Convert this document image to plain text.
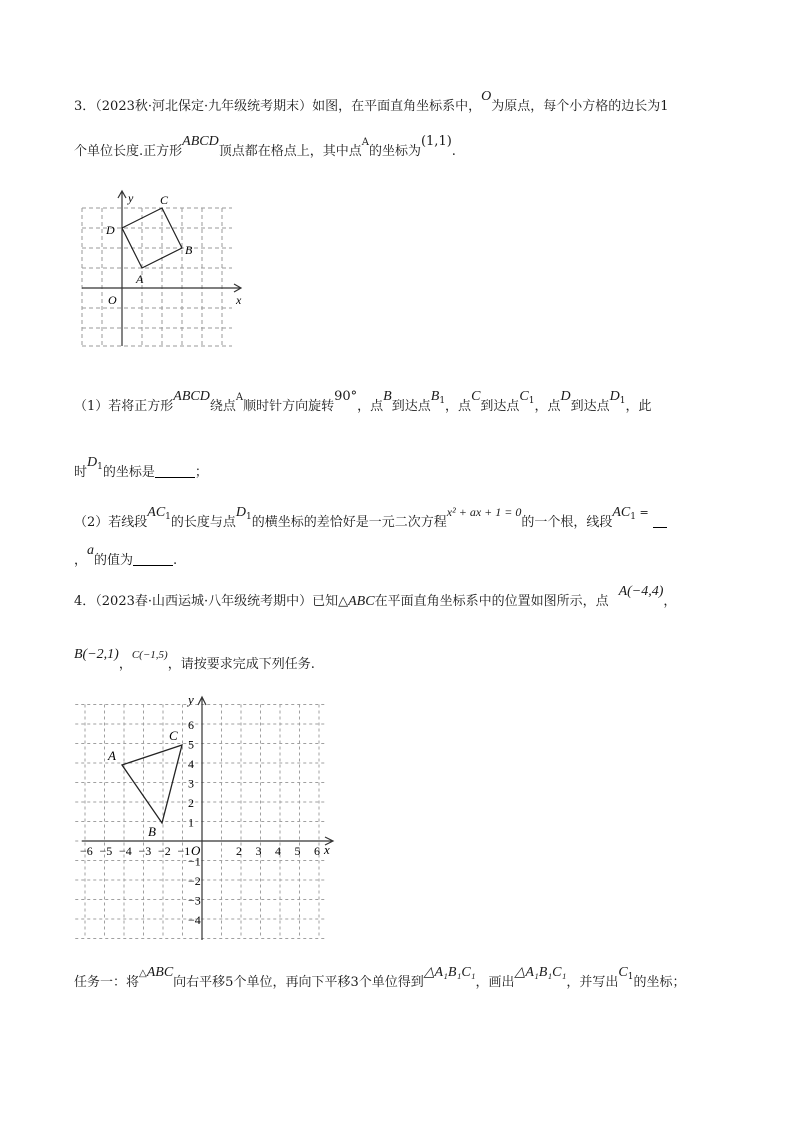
3．（2023秋·河北保定·九年级统考期末）如图，在平面直角坐标系中，O为原点，每个小方格的边长为1
个单位长度.正方形ABCD顶点都在格点上，其中点$^A$的坐标为(1,1).
y
x
O
A
B
C
D
（1）若将正方形ABCD绕点$^A$顺时针方向旋转90°，点B到达点$B_1$，点C到达点$C_1$，点D到达点$D_1$，此
时$D_1$的坐标是	；
（2）若线段$AC_1$的长度与点$D_1$的横坐标的差恰好是一元二次方程x² + ax + 1 = 0的一个根，线段$^{AC_1 =}$
，a的值为	.
4．（2023春·山西运城·八年级统考期中）已知△ABC在平面直角坐标系中的位置如图所示，点A(−4,4)，
B(−2,1)，$^{C(-1,5)}$，请按要求完成下列任务.
−6 −5 −4 −3 −2 −1	2 3 4 5 6
6
5
4
3
2
1
−1
−2
−3
−4
y
x
O
A
B
C
任务一：将△ABC向右平移5个单位，再向下平移3个单位得到△A₁B₁C₁，画出△A₁B₁C₁，并写出$C_1$的坐标；
